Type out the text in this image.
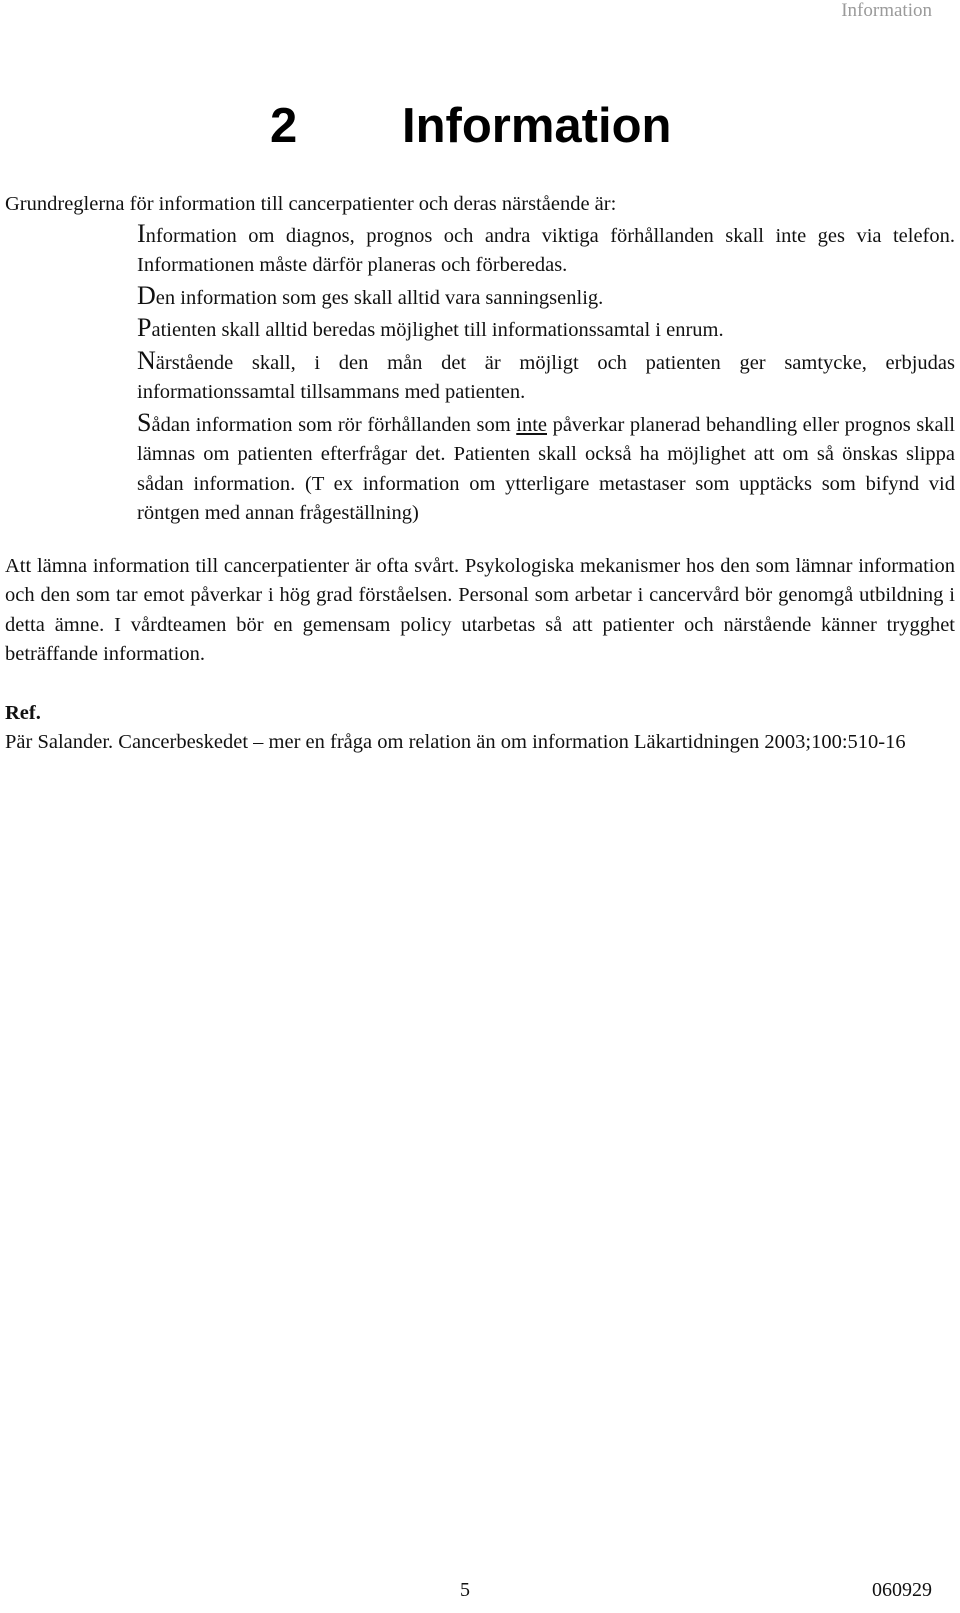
Information
2 Information

Grundreglerna för information till cancerpatienter och deras närstående är:

Information om diagnos, prognos och andra viktiga förhållanden skall inte ges via telefon. Informationen måste därför planeras och förberedas.
Den information som ges skall alltid vara sanningsenlig.
Patienten skall alltid beredas möjlighet till informationssamtal i enrum.
Närstående skall, i den mån det är möjligt och patienten ger samtycke, erbjudas informationssamtal tillsammans med patienten.
Sådan information som rör förhållanden som inte påverkar planerad behandling eller prognos skall lämnas om patienten efterfrågar det. Patienten skall också ha möjlighet att om så önskas slippa sådan information. (T ex information om ytterligare metastaser som upptäcks som bifynd vid röntgen med annan frågeställning)

Att lämna information till cancerpatienter är ofta svårt. Psykologiska mekanismer hos den som lämnar information och den som tar emot påverkar i hög grad förståelsen. Personal som arbetar i cancervård bör genomgå utbildning i detta ämne. I vårdteamen bör en gemensam policy utarbetas så att patienter och närstående känner trygghet beträffande information.

Ref.

Pär Salander. Cancerbeskedet – mer en fråga om relation än om information Läkartidningen 2003;100:510-16

5	060929
